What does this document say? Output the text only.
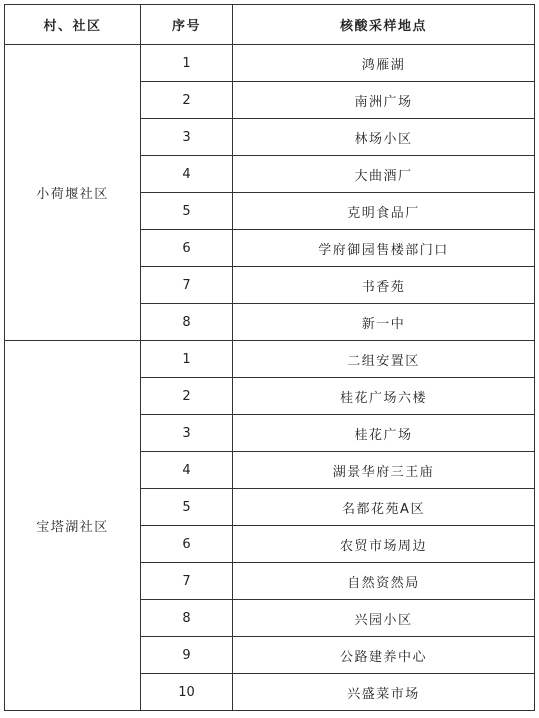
村、社区	序号	核酸采样地点
小荷堰社区	1	鸿雁湖
	2	南洲广场
	3	林场小区
	4	大曲酒厂
	5	克明食品厂
	6	学府御园售楼部门口
	7	书香苑
	8	新一中
宝塔湖社区	1	二组安置区
	2	桂花广场六楼
	3	桂花广场
	4	湖景华府三王庙
	5	名都花苑A区
	6	农贸市场周边
	7	自然资然局
	8	兴园小区
	9	公路建养中心
	10	兴盛菜市场
